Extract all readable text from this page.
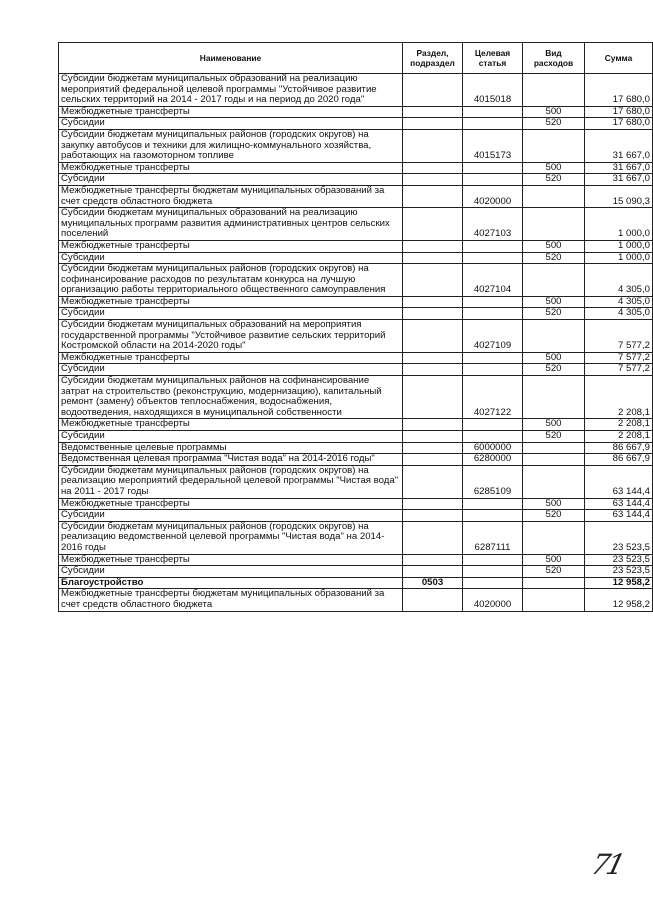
Наименование	Раздел, подраздел	Целевая статья	Вид расходов	Сумма
Субсидии бюджетам муниципальных образований на реализацию мероприятий федеральной целевой программы "Устойчивое развитие сельских территорий на 2014 - 2017 годы и на период до 2020 года"		4015018		17 680,0
Межбюджетные трансферты			500	17 680,0
Субсидии			520	17 680,0
Субсидии бюджетам муниципальных районов (городских округов) на закупку автобусов и техники для жилищно-коммунального хозяйства, работающих на газомоторном топливе		4015173		31 667,0
Межбюджетные трансферты			500	31 667,0
Субсидии			520	31 667,0
Межбюджетные трансферты бюджетам муниципальных образований за счет средств областного бюджета		4020000		15 090,3
Субсидии бюджетам муниципальных образований на реализацию муниципальных программ развития административных центров сельских поселений		4027103		1 000,0
Межбюджетные трансферты			500	1 000,0
Субсидии			520	1 000,0
Субсидии бюджетам муниципальных районов (городских округов) на софинансирование расходов по результатам конкурса на лучшую организацию работы территориального общественного самоуправления		4027104		4 305,0
Межбюджетные трансферты			500	4 305,0
Субсидии			520	4 305,0
Субсидии бюджетам муниципальных образований на мероприятия государственной программы "Устойчивое развитие сельских территорий Костромской области на 2014-2020 годы"		4027109		7 577,2
Межбюджетные трансферты			500	7 577,2
Субсидии			520	7 577,2
Субсидии бюджетам муниципальных районов на софинансирование затрат на строительство (реконструкцию, модернизацию), капитальный ремонт (замену) объектов теплоснабжения, водоснабжения, водоотведения, находящихся в муниципальной собственности		4027122		2 208,1
Межбюджетные трансферты			500	2 208,1
Субсидии			520	2 208,1
Ведомственные целевые программы		6000000		86 667,9
Ведомственная целевая программа "Чистая вода" на 2014-2016 годы"		6280000		86 667,9
Субсидии бюджетам муниципальных районов (городских округов) на реализацию мероприятий федеральной целевой программы "Чистая вода" на 2011 - 2017 годы		6285109		63 144,4
Межбюджетные трансферты			500	63 144,4
Субсидии			520	63 144,4
Субсидии бюджетам муниципальных районов (городских округов) на реализацию ведомственной целевой программы "Чистая вода" на 2014-2016 годы		6287111		23 523,5
Межбюджетные трансферты			500	23 523,5
Субсидии			520	23 523,5
Благоустройство	0503			12 958,2
Межбюджетные трансферты бюджетам муниципальных образований за счет средств областного бюджета		4020000		12 958,2
71
